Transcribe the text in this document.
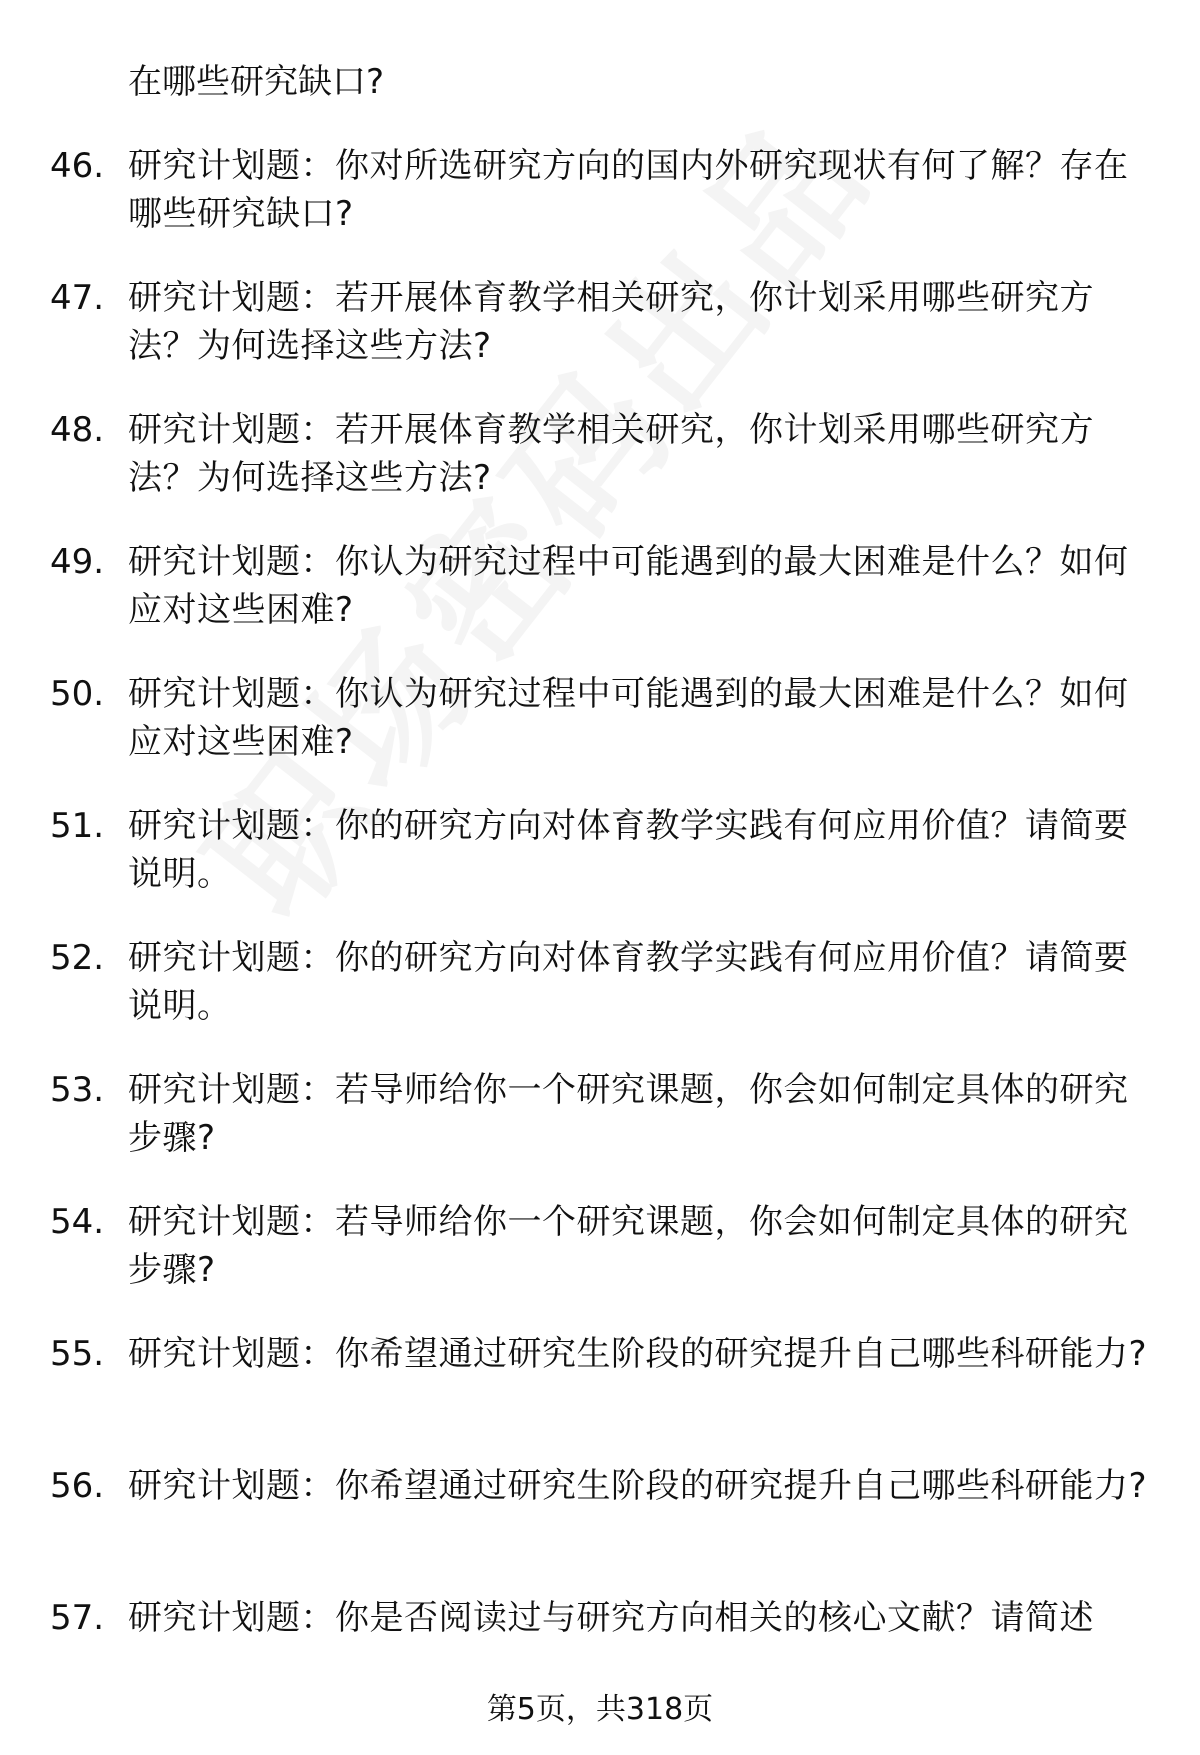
在哪些研究缺口?
46. 研究计划题：你对所选研究方向的国内外研究现状有何了解？存在哪些研究缺口?
47. 研究计划题：若开展体育教学相关研究，你计划采用哪些研究方法？为何选择这些方法?
48. 研究计划题：若开展体育教学相关研究，你计划采用哪些研究方法？为何选择这些方法?
49. 研究计划题：你认为研究过程中可能遇到的最大困难是什么？如何应对这些困难?
50. 研究计划题：你认为研究过程中可能遇到的最大困难是什么？如何应对这些困难?
51. 研究计划题：你的研究方向对体育教学实践有何应用价值？请简要说明。
52. 研究计划题：你的研究方向对体育教学实践有何应用价值？请简要说明。
53. 研究计划题：若导师给你一个研究课题，你会如何制定具体的研究步骤?
54. 研究计划题：若导师给你一个研究课题，你会如何制定具体的研究步骤?
55. 研究计划题：你希望通过研究生阶段的研究提升自己哪些科研能力?
56. 研究计划题：你希望通过研究生阶段的研究提升自己哪些科研能力?
57. 研究计划题：你是否阅读过与研究方向相关的核心文献？请简述
第5页，共318页
